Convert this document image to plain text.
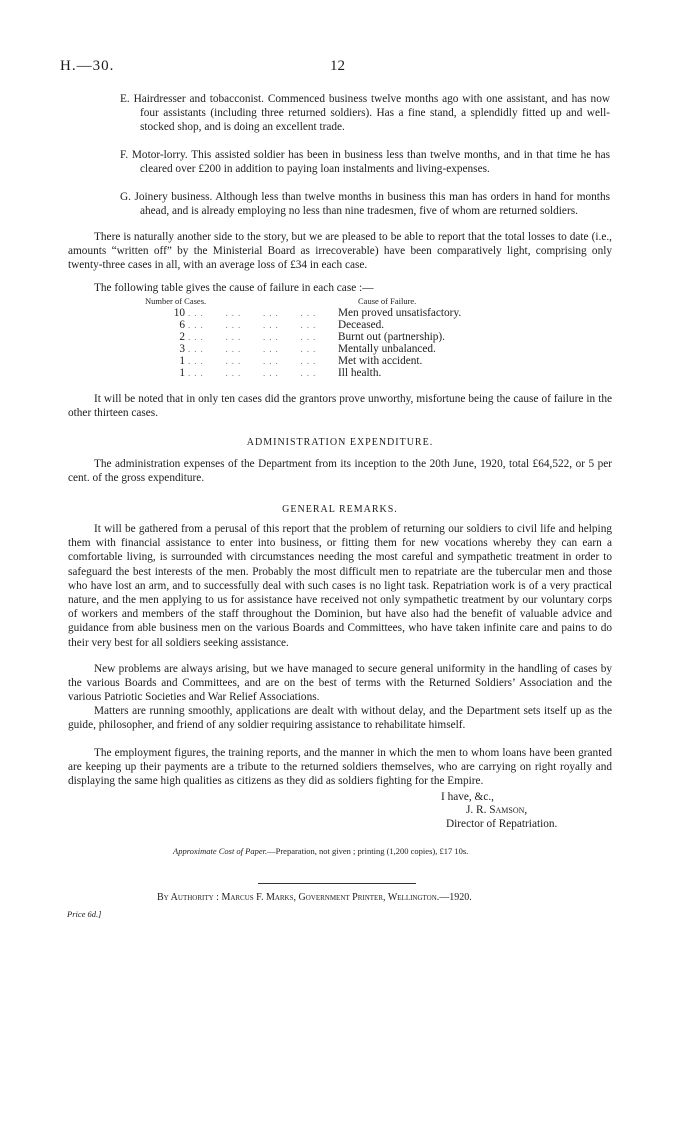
H.—30.	12
E. Hairdresser and tobacconist. Commenced business twelve months ago with one assistant, and has now four assistants (including three returned soldiers). Has a fine stand, a splendidly fitted up and well-stocked shop, and is doing an excellent trade.
F. Motor-lorry. This assisted soldier has been in business less than twelve months, and in that time he has cleared over £200 in addition to paying loan instalments and living-expenses.
G. Joinery business. Although less than twelve months in business this man has orders in hand for months ahead, and is already employing no less than nine tradesmen, five of whom are returned soldiers.
There is naturally another side to the story, but we are pleased to be able to report that the total losses to date (i.e., amounts “written off” by the Ministerial Board as irrecoverable) have been comparatively light, comprising only twenty-three cases in all, with an average loss of £34 in each case.
The following table gives the cause of failure in each case :—
Number of Cases.		Cause of Failure.
10	...   ...   ...   ...	Men proved unsatisfactory.
6	...   ...   ...   ...	Deceased.
2	...   ...   ...   ...	Burnt out (partnership).
3	...   ...   ...   ...	Mentally unbalanced.
1	...   ...   ...   ...	Met with accident.
1	...   ...   ...   ...	Ill health.
It will be noted that in only ten cases did the grantors prove unworthy, misfortune being the cause of failure in the other thirteen cases.
ADMINISTRATION EXPENDITURE.
The administration expenses of the Department from its inception to the 20th June, 1920, total £64,522, or 5 per cent. of the gross expenditure.
GENERAL REMARKS.
It will be gathered from a perusal of this report that the problem of returning our soldiers to civil life and helping them with financial assistance to enter into business, or fitting them for new vocations whereby they can earn a comfortable living, is surrounded with circumstances needing the most careful and sympathetic treatment in order to safeguard the best interests of the men. Probably the most difficult men to repatriate are the tubercular men and those who have lost an arm, and to successfully deal with such cases is no light task. Repatriation work is of a very practical nature, and the men applying to us for assistance have received not only sympathetic treatment by our voluntary corps of workers and members of the staff throughout the Dominion, but have also had the benefit of valuable advice and guidance from able business men on the various Boards and Committees, who have taken infinite care and pains to do their very best for all soldiers seeking assistance.
New problems are always arising, but we have managed to secure general uniformity in the handling of cases by the various Boards and Committees, and are on the best of terms with the Returned Soldiers’ Association and the various Patriotic Societies and War Relief Associations.
Matters are running smoothly, applications are dealt with without delay, and the Department sets itself up as the guide, philosopher, and friend of any soldier requiring assistance to rehabilitate himself.
The employment figures, the training reports, and the manner in which the men to whom loans have been granted are keeping up their payments are a tribute to the returned soldiers themselves, who are carrying on right royally and displaying the same high qualities as citizens as they did as soldiers fighting for the Empire.
I have, &c.,
J. R. Samson,
Director of Repatriation.
Approximate Cost of Paper.—Preparation, not given ; printing (1,200 copies), £17 10s.
By Authority : Marcus F. Marks, Government Printer, Wellington.—1920.
Price 6d.]
